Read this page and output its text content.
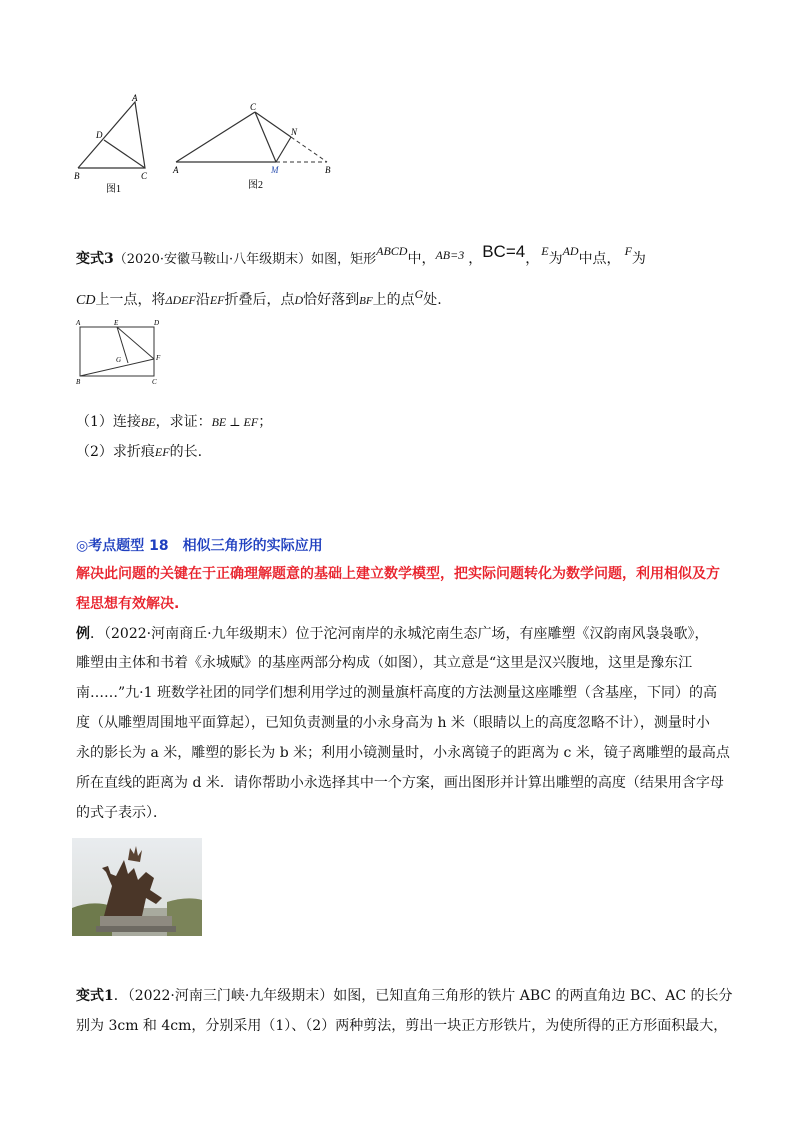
A
D
B	C
图1
C
N
A	M	B
图2
变式3（2020·安徽马鞍山·八年级期末）如图，矩形ABCD中，AB=3 ，BC=4， E为AD中点， F为
CD上一点，将ΔDEF沿EF折叠后，点D恰好落到BF上的点G处.
A	E	D
G	F
B	C
（1）连接BE，求证：BE ⊥ EF；
（2）求折痕EF的长.
◎考点题型 18　相似三角形的实际应用
解决此问题的关键在于正确理解题意的基础上建立数学模型，把实际问题转化为数学问题，利用相似及方
程思想有效解决.
例．（2022·河南商丘·九年级期末）位于沱河南岸的永城沱南生态广场，有座雕塑《汉韵南风袅袅歌》，
雕塑由主体和书着《永城赋》的基座两部分构成（如图），其立意是“这里是汉兴腹地，这里是豫东江
南……”九·1 班数学社团的同学们想利用学过的测量旗杆高度的方法测量这座雕塑（含基座，下同）的高
度（从雕塑周围地平面算起），已知负责测量的小永身高为 h 米（眼睛以上的高度忽略不计），测量时小
永的影长为 a 米，雕塑的影长为 b 米；利用小镜测量时，小永离镜子的距离为 c 米，镜子离雕塑的最高点
所在直线的距离为 d 米．请你帮助小永选择其中一个方案，画出图形并计算出雕塑的高度（结果用含字母
的式子表示）．
变式1．（2022·河南三门峡·九年级期末）如图，已知直角三角形的铁片 ABC 的两直角边 BC、AC 的长分
别为 3cm 和 4cm，分别采用（1）、（2）两种剪法，剪出一块正方形铁片，为使所得的正方形面积最大，
